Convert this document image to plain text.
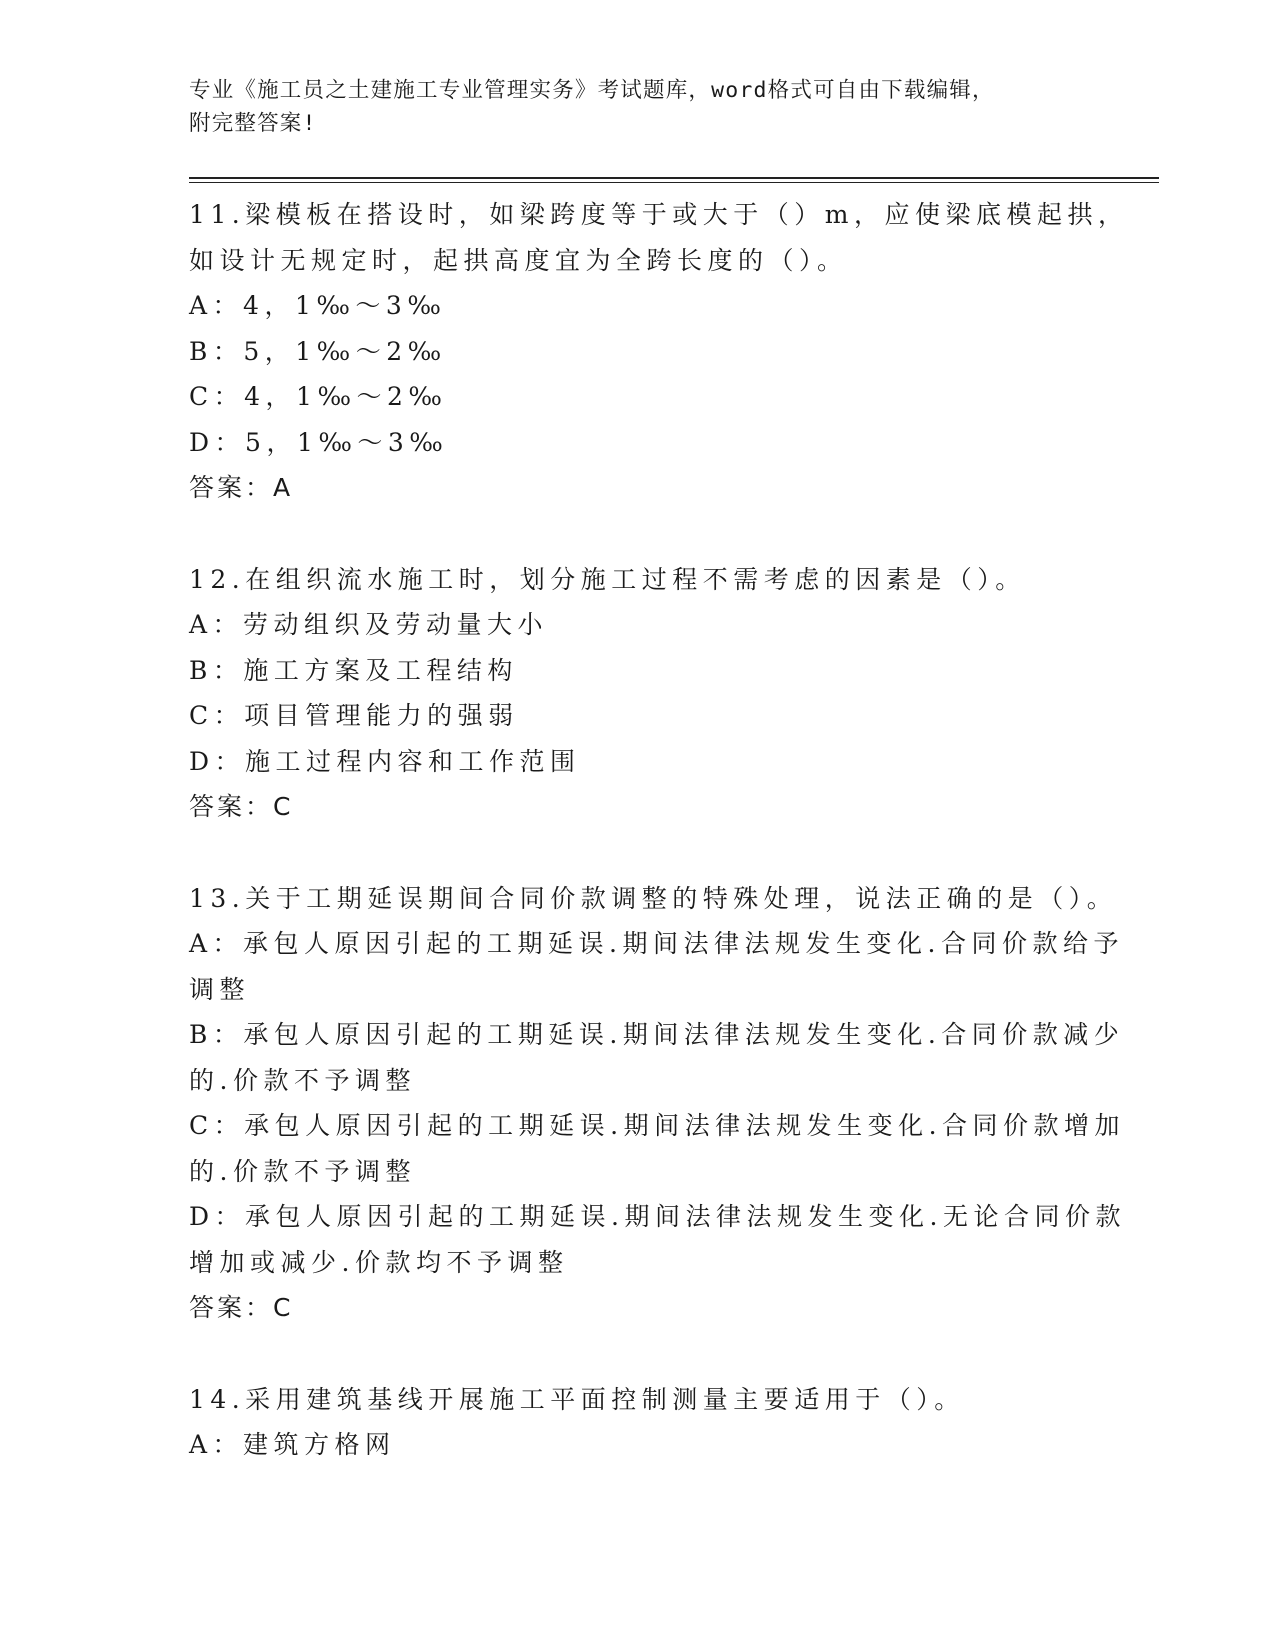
专业《施工员之土建施工专业管理实务》考试题库，word格式可自由下载编辑，
附完整答案!
11.梁模板在搭设时，如梁跨度等于或大于（）m，应使梁底模起拱，
如设计无规定时，起拱高度宜为全跨长度的（）。
A：4，1‰～3‰
B：5，1‰～2‰
C：4，1‰～2‰
D：5，1‰～3‰
答案：A
12.在组织流水施工时，划分施工过程不需考虑的因素是（）。
A：劳动组织及劳动量大小
B：施工方案及工程结构
C：项目管理能力的强弱
D：施工过程内容和工作范围
答案：C
13.关于工期延误期间合同价款调整的特殊处理，说法正确的是（）。
A：承包人原因引起的工期延误.期间法律法规发生变化.合同价款给予
调整
B：承包人原因引起的工期延误.期间法律法规发生变化.合同价款减少
的.价款不予调整
C：承包人原因引起的工期延误.期间法律法规发生变化.合同价款增加
的.价款不予调整
D：承包人原因引起的工期延误.期间法律法规发生变化.无论合同价款
增加或减少.价款均不予调整
答案：C
14.采用建筑基线开展施工平面控制测量主要适用于（）。
A：建筑方格网
